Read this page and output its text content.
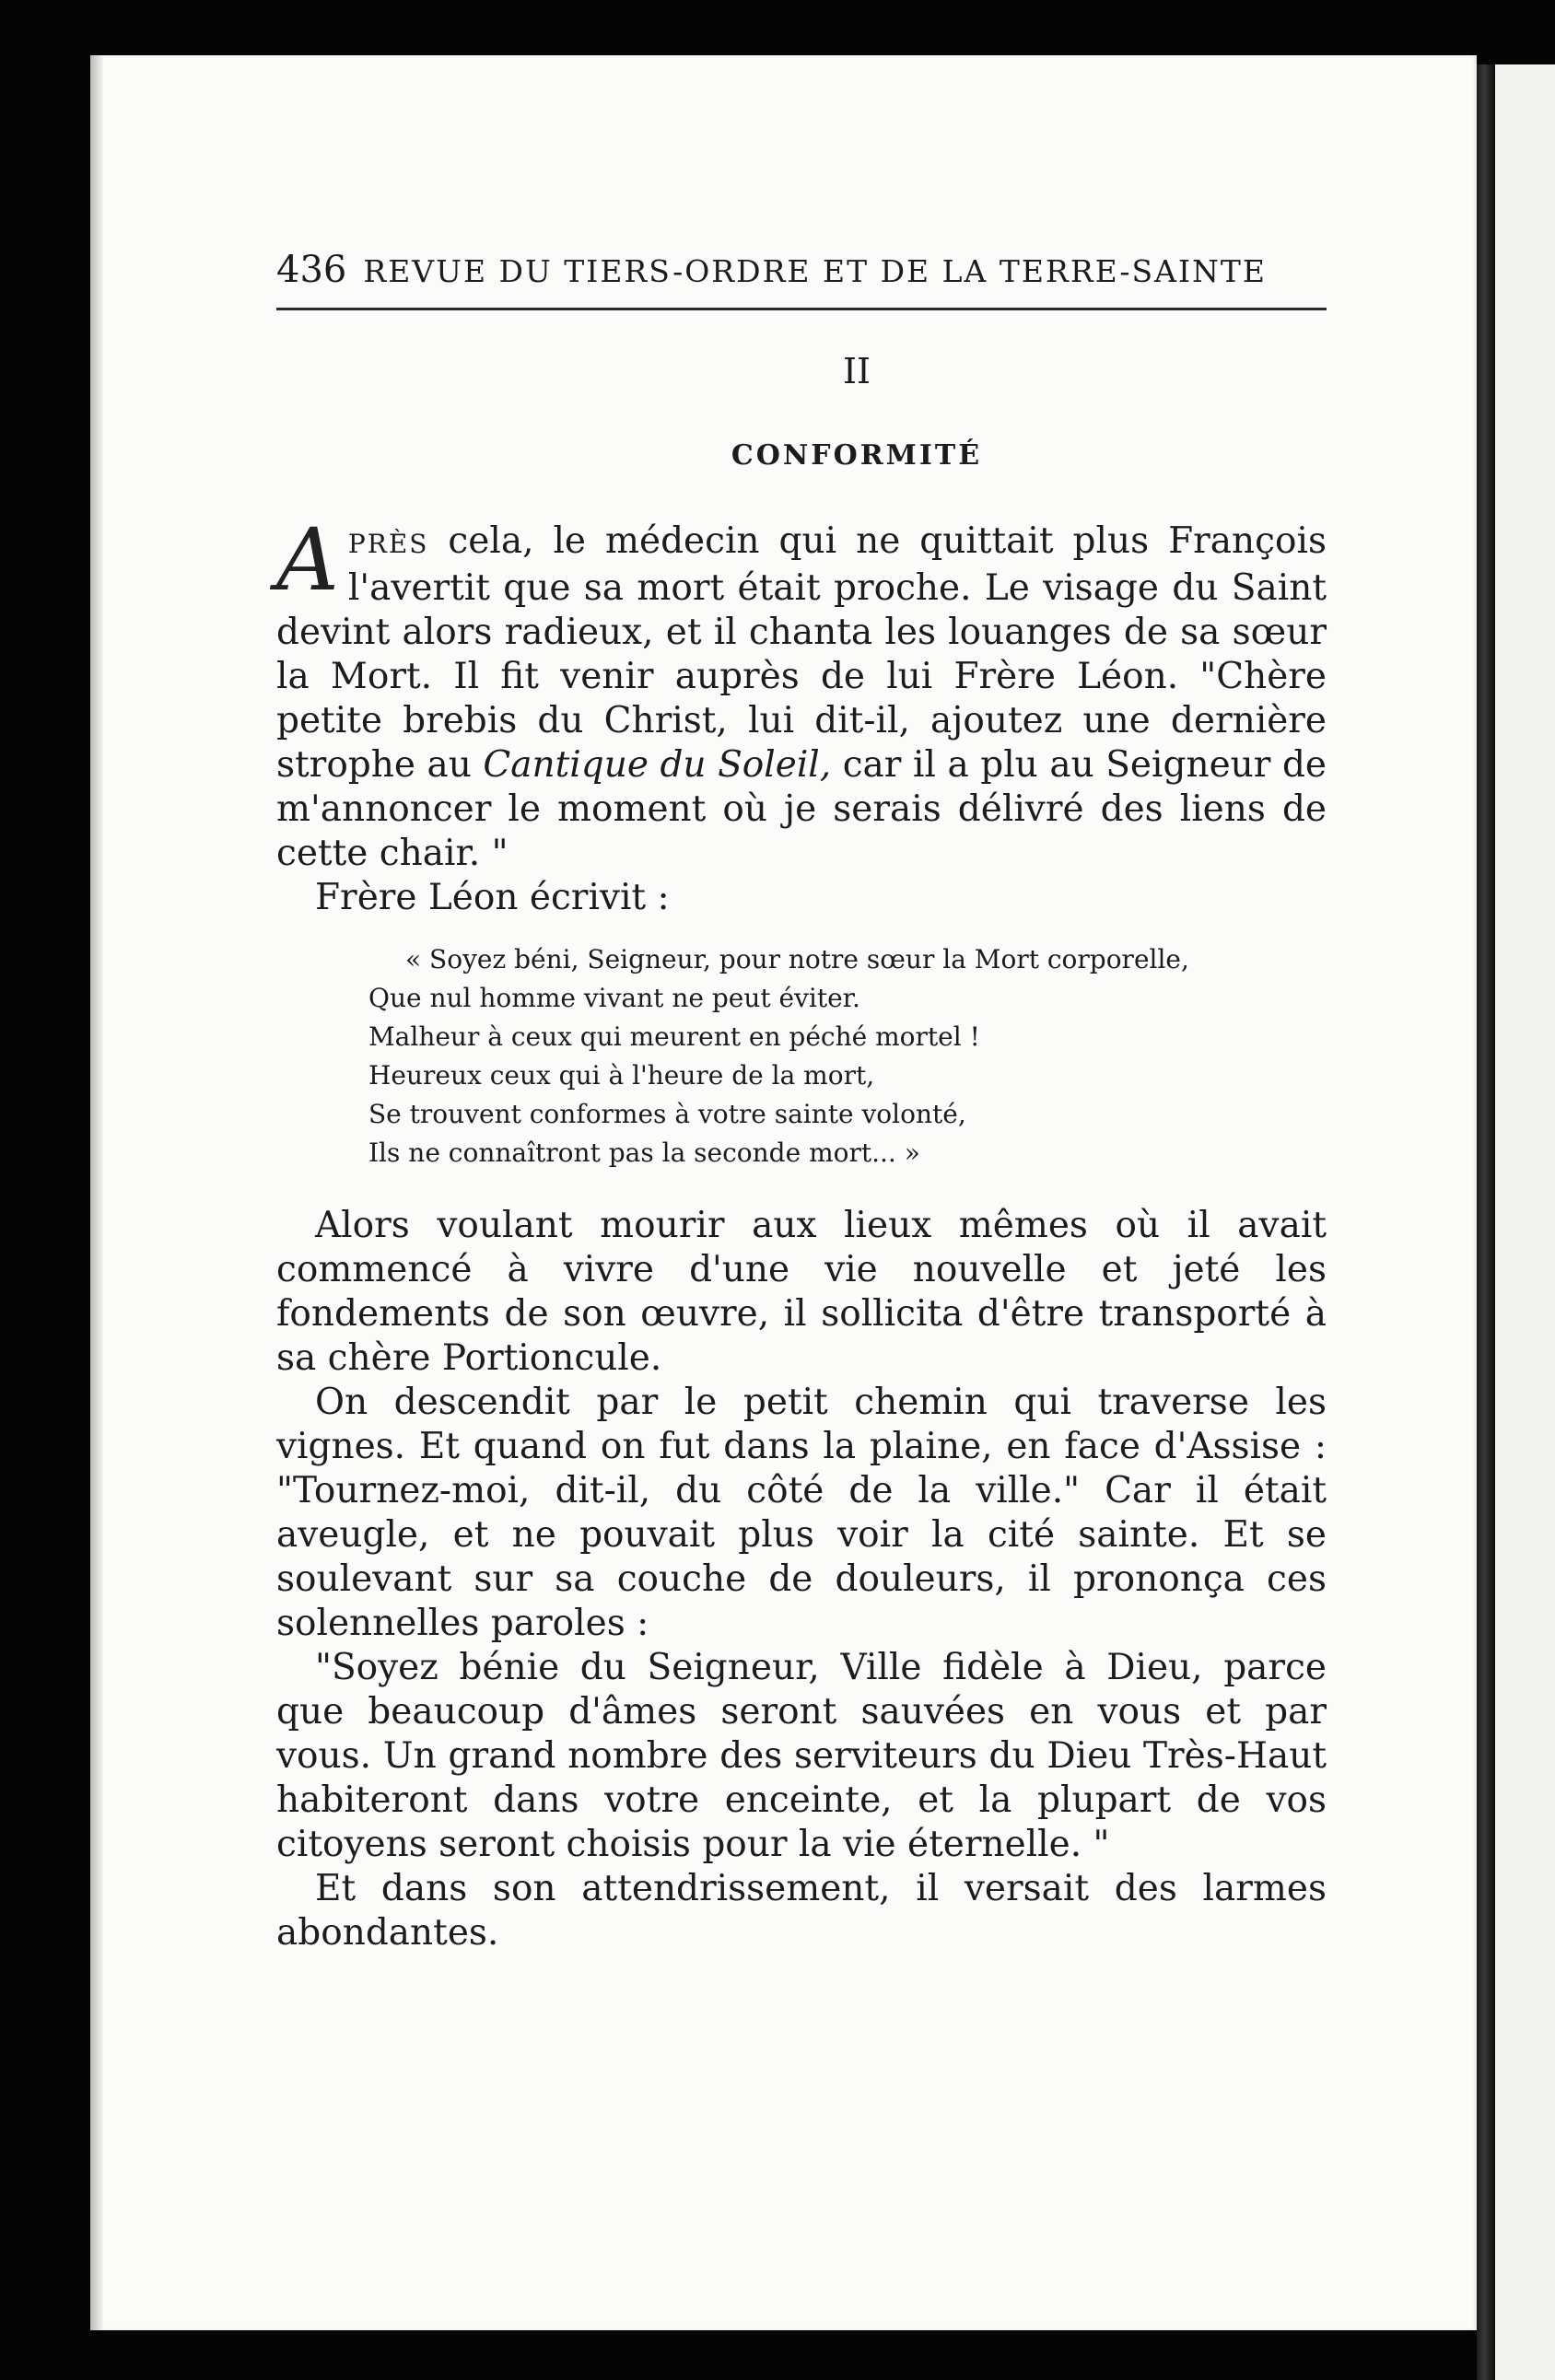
436 REVUE DU TIERS-ORDRE ET DE LA TERRE-SAINTE
II
CONFORMITÉ

APRÈS cela, le médecin qui ne quittait plus François l'avertit que sa mort était proche. Le visage du Saint devint alors radieux, et il chanta les louanges de sa sœur la Mort. Il fit venir auprès de lui Frère Léon. "Chère petite brebis du Christ, lui dit-il, ajoutez une dernière strophe au Cantique du Soleil, car il a plu au Seigneur de m'annoncer le moment où je serais délivré des liens de cette chair. "

Frère Léon écrivit :

« Soyez béni, Seigneur, pour notre sœur la Mort corporelle,
Que nul homme vivant ne peut éviter.
Malheur à ceux qui meurent en péché mortel !
Heureux ceux qui à l'heure de la mort,
Se trouvent conformes à votre sainte volonté,
Ils ne connaîtront pas la seconde mort... »

Alors voulant mourir aux lieux mêmes où il avait commencé à vivre d'une vie nouvelle et jeté les fondements de son œuvre, il sollicita d'être transporté à sa chère Portioncule.

On descendit par le petit chemin qui traverse les vignes. Et quand on fut dans la plaine, en face d'Assise : "Tournez-moi, dit-il, du côté de la ville." Car il était aveugle, et ne pouvait plus voir la cité sainte. Et se soulevant sur sa couche de douleurs, il prononça ces solennelles paroles :

"Soyez bénie du Seigneur, Ville fidèle à Dieu, parce que beaucoup d'âmes seront sauvées en vous et par vous. Un grand nombre des serviteurs du Dieu Très-Haut habiteront dans votre enceinte, et la plupart de vos citoyens seront choisis pour la vie éternelle. "

Et dans son attendrissement, il versait des larmes abondantes.
